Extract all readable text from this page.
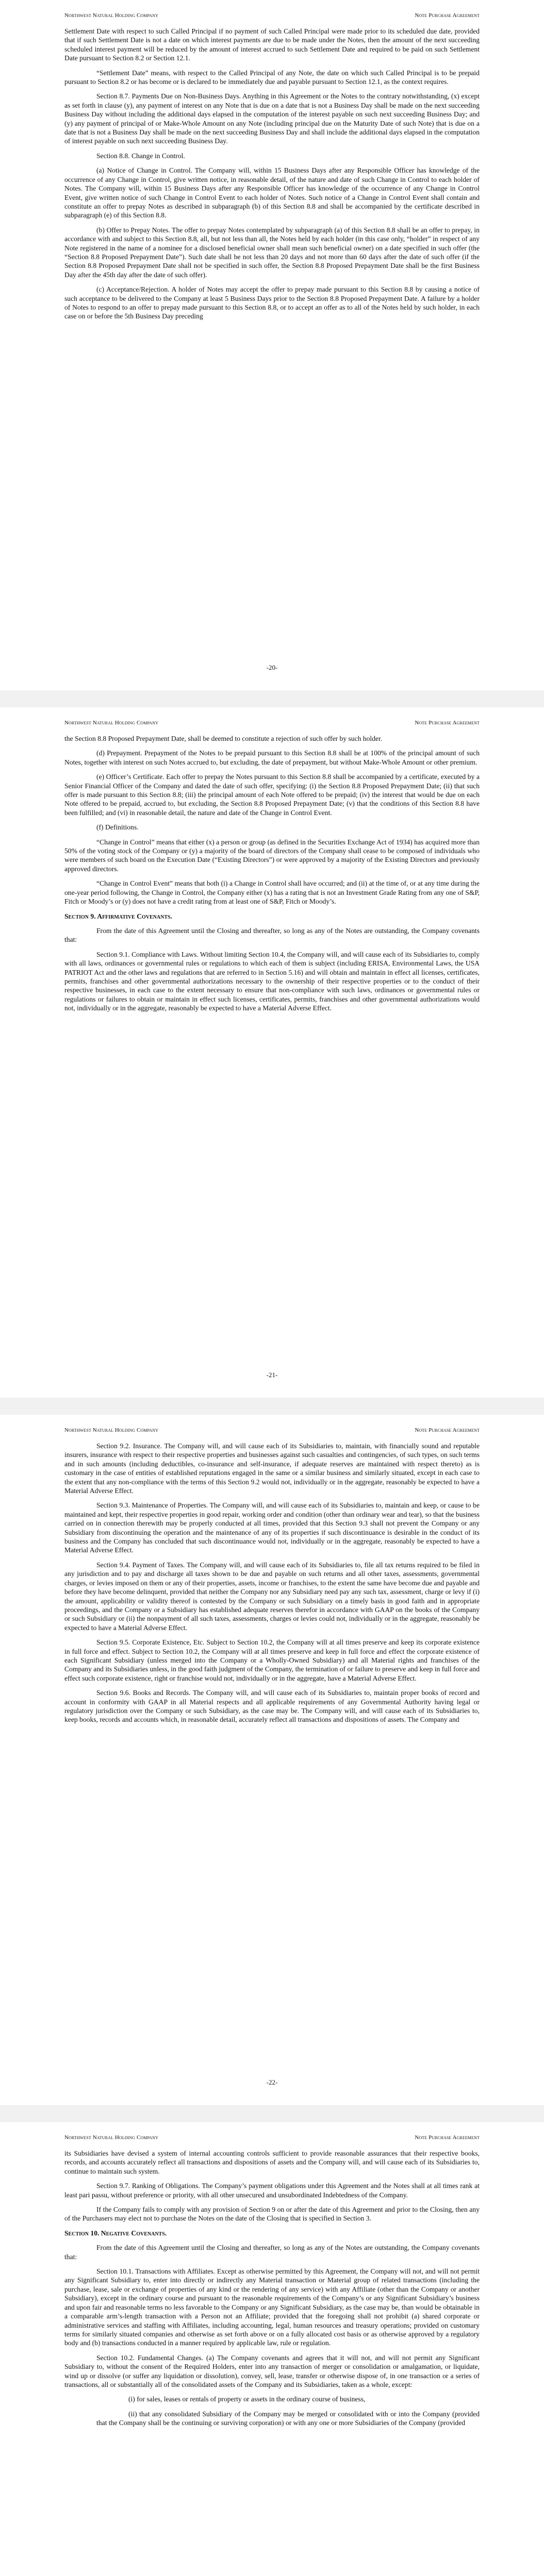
Northwest Natural Holding Company	Note Purchase Agreement

Settlement Date with respect to such Called Principal if no payment of such Called Principal were made prior to its scheduled due date, provided that if such Settlement Date is not a date on which interest payments are due to be made under the Notes, then the amount of the next succeeding scheduled interest payment will be reduced by the amount of interest accrued to such Settlement Date and required to be paid on such Settlement Date pursuant to Section 8.2 or Section 12.1.

“Settlement Date” means, with respect to the Called Principal of any Note, the date on which such Called Principal is to be prepaid pursuant to Section 8.2 or has become or is declared to be immediately due and payable pursuant to Section 12.1, as the context requires.

Section 8.7. Payments Due on Non-Business Days. Anything in this Agreement or the Notes to the contrary notwithstanding, (x) except as set forth in clause (y), any payment of interest on any Note that is due on a date that is not a Business Day shall be made on the next succeeding Business Day without including the additional days elapsed in the computation of the interest payable on such next succeeding Business Day; and (y) any payment of principal of or Make-Whole Amount on any Note (including principal due on the Maturity Date of such Note) that is due on a date that is not a Business Day shall be made on the next succeeding Business Day and shall include the additional days elapsed in the computation of interest payable on such next succeeding Business Day.

Section 8.8. Change in Control.

(a) Notice of Change in Control. The Company will, within 15 Business Days after any Responsible Officer has knowledge of the occurrence of any Change in Control, give written notice, in reasonable detail, of the nature and date of such Change in Control to each holder of Notes. The Company will, within 15 Business Days after any Responsible Officer has knowledge of the occurrence of any Change in Control Event, give written notice of such Change in Control Event to each holder of Notes. Such notice of a Change in Control Event shall contain and constitute an offer to prepay Notes as described in subparagraph (b) of this Section 8.8 and shall be accompanied by the certificate described in subparagraph (e) of this Section 8.8.

(b) Offer to Prepay Notes. The offer to prepay Notes contemplated by subparagraph (a) of this Section 8.8 shall be an offer to prepay, in accordance with and subject to this Section 8.8, all, but not less than all, the Notes held by each holder (in this case only, “holder” in respect of any Note registered in the name of a nominee for a disclosed beneficial owner shall mean such beneficial owner) on a date specified in such offer (the “Section 8.8 Proposed Prepayment Date”). Such date shall be not less than 20 days and not more than 60 days after the date of such offer (if the Section 8.8 Proposed Prepayment Date shall not be specified in such offer, the Section 8.8 Proposed Prepayment Date shall be the first Business Day after the 45th day after the date of such offer).

(c) Acceptance/Rejection. A holder of Notes may accept the offer to prepay made pursuant to this Section 8.8 by causing a notice of such acceptance to be delivered to the Company at least 5 Business Days prior to the Section 8.8 Proposed Prepayment Date. A failure by a holder of Notes to respond to an offer to prepay made pursuant to this Section 8.8, or to accept an offer as to all of the Notes held by such holder, in each case on or before the 5th Business Day preceding

-20-
Northwest Natural Holding Company	Note Purchase Agreement

the Section 8.8 Proposed Prepayment Date, shall be deemed to constitute a rejection of such offer by such holder.

(d) Prepayment. Prepayment of the Notes to be prepaid pursuant to this Section 8.8 shall be at 100% of the principal amount of such Notes, together with interest on such Notes accrued to, but excluding, the date of prepayment, but without Make-Whole Amount or other premium.

(e) Officer’s Certificate. Each offer to prepay the Notes pursuant to this Section 8.8 shall be accompanied by a certificate, executed by a Senior Financial Officer of the Company and dated the date of such offer, specifying: (i) the Section 8.8 Proposed Prepayment Date; (ii) that such offer is made pursuant to this Section 8.8; (iii) the principal amount of each Note offered to be prepaid; (iv) the interest that would be due on each Note offered to be prepaid, accrued to, but excluding, the Section 8.8 Proposed Prepayment Date; (v) that the conditions of this Section 8.8 have been fulfilled; and (vi) in reasonable detail, the nature and date of the Change in Control Event.

(f) Definitions.

“Change in Control” means that either (x) a person or group (as defined in the Securities Exchange Act of 1934) has acquired more than 50% of the voting stock of the Company or (y) a majority of the board of directors of the Company shall cease to be composed of individuals who were members of such board on the Execution Date (“Existing Directors”) or were approved by a majority of the Existing Directors and previously approved directors.

“Change in Control Event” means that both (i) a Change in Control shall have occurred; and (ii) at the time of, or at any time during the one-year period following, the Change in Control, the Company either (x) has a rating that is not an Investment Grade Rating from any one of S&P, Fitch or Moody’s or (y) does not have a credit rating from at least one of S&P, Fitch or Moody’s.

Section 9. Affirmative Covenants.

From the date of this Agreement until the Closing and thereafter, so long as any of the Notes are outstanding, the Company covenants that:

Section 9.1. Compliance with Laws. Without limiting Section 10.4, the Company will, and will cause each of its Subsidiaries to, comply with all laws, ordinances or governmental rules or regulations to which each of them is subject (including ERISA, Environmental Laws, the USA PATRIOT Act and the other laws and regulations that are referred to in Section 5.16) and will obtain and maintain in effect all licenses, certificates, permits, franchises and other governmental authorizations necessary to the ownership of their respective properties or to the conduct of their respective businesses, in each case to the extent necessary to ensure that non-compliance with such laws, ordinances or governmental rules or regulations or failures to obtain or maintain in effect such licenses, certificates, permits, franchises and other governmental authorizations would not, individually or in the aggregate, reasonably be expected to have a Material Adverse Effect.

-21-
Northwest Natural Holding Company	Note Purchase Agreement

Section 9.2. Insurance. The Company will, and will cause each of its Subsidiaries to, maintain, with financially sound and reputable insurers, insurance with respect to their respective properties and businesses against such casualties and contingencies, of such types, on such terms and in such amounts (including deductibles, co-insurance and self-insurance, if adequate reserves are maintained with respect thereto) as is customary in the case of entities of established reputations engaged in the same or a similar business and similarly situated, except in each case to the extent that any non-compliance with the terms of this Section 9.2 would not, individually or in the aggregate, reasonably be expected to have a Material Adverse Effect.

Section 9.3. Maintenance of Properties. The Company will, and will cause each of its Subsidiaries to, maintain and keep, or cause to be maintained and kept, their respective properties in good repair, working order and condition (other than ordinary wear and tear), so that the business carried on in connection therewith may be properly conducted at all times, provided that this Section 9.3 shall not prevent the Company or any Subsidiary from discontinuing the operation and the maintenance of any of its properties if such discontinuance is desirable in the conduct of its business and the Company has concluded that such discontinuance would not, individually or in the aggregate, reasonably be expected to have a Material Adverse Effect.

Section 9.4. Payment of Taxes. The Company will, and will cause each of its Subsidiaries to, file all tax returns required to be filed in any jurisdiction and to pay and discharge all taxes shown to be due and payable on such returns and all other taxes, assessments, governmental charges, or levies imposed on them or any of their properties, assets, income or franchises, to the extent the same have become due and payable and before they have become delinquent, provided that neither the Company nor any Subsidiary need pay any such tax, assessment, charge or levy if (i) the amount, applicability or validity thereof is contested by the Company or such Subsidiary on a timely basis in good faith and in appropriate proceedings, and the Company or a Subsidiary has established adequate reserves therefor in accordance with GAAP on the books of the Company or such Subsidiary or (ii) the nonpayment of all such taxes, assessments, charges or levies could not, individually or in the aggregate, reasonably be expected to have a Material Adverse Effect.

Section 9.5. Corporate Existence, Etc. Subject to Section 10.2, the Company will at all times preserve and keep its corporate existence in full force and effect. Subject to Section 10.2, the Company will at all times preserve and keep in full force and effect the corporate existence of each Significant Subsidiary (unless merged into the Company or a Wholly-Owned Subsidiary) and all Material rights and franchises of the Company and its Subsidiaries unless, in the good faith judgment of the Company, the termination of or failure to preserve and keep in full force and effect such corporate existence, right or franchise would not, individually or in the aggregate, have a Material Adverse Effect.

Section 9.6. Books and Records. The Company will, and will cause each of its Subsidiaries to, maintain proper books of record and account in conformity with GAAP in all Material respects and all applicable requirements of any Governmental Authority having legal or regulatory jurisdiction over the Company or such Subsidiary, as the case may be. The Company will, and will cause each of its Subsidiaries to, keep books, records and accounts which, in reasonable detail, accurately reflect all transactions and dispositions of assets. The Company and

-22-
Northwest Natural Holding Company	Note Purchase Agreement

its Subsidiaries have devised a system of internal accounting controls sufficient to provide reasonable assurances that their respective books, records, and accounts accurately reflect all transactions and dispositions of assets and the Company will, and will cause each of its Subsidiaries to, continue to maintain such system.

Section 9.7. Ranking of Obligations. The Company’s payment obligations under this Agreement and the Notes shall at all times rank at least pari passu, without preference or priority, with all other unsecured and unsubordinated Indebtedness of the Company.

If the Company fails to comply with any provision of Section 9 on or after the date of this Agreement and prior to the Closing, then any of the Purchasers may elect not to purchase the Notes on the date of the Closing that is specified in Section 3.

Section 10. Negative Covenants.

From the date of this Agreement until the Closing and thereafter, so long as any of the Notes are outstanding, the Company covenants that:

Section 10.1. Transactions with Affiliates. Except as otherwise permitted by this Agreement, the Company will not, and will not permit any Significant Subsidiary to, enter into directly or indirectly any Material transaction or Material group of related transactions (including the purchase, lease, sale or exchange of properties of any kind or the rendering of any service) with any Affiliate (other than the Company or another Subsidiary), except in the ordinary course and pursuant to the reasonable requirements of the Company’s or any Significant Subsidiary’s business and upon fair and reasonable terms no less favorable to the Company or any Significant Subsidiary, as the case may be, than would be obtainable in a comparable arm’s-length transaction with a Person not an Affiliate; provided that the foregoing shall not prohibit (a) shared corporate or administrative services and staffing with Affiliates, including accounting, legal, human resources and treasury operations; provided on customary terms for similarly situated companies and otherwise as set forth above or on a fully allocated cost basis or as otherwise approved by a regulatory body and (b) transactions conducted in a manner required by applicable law, rule or regulation.

Section 10.2. Fundamental Changes. (a) The Company covenants and agrees that it will not, and will not permit any Significant Subsidiary to, without the consent of the Required Holders, enter into any transaction of merger or consolidation or amalgamation, or liquidate, wind up or dissolve (or suffer any liquidation or dissolution), convey, sell, lease, transfer or otherwise dispose of, in one transaction or a series of transactions, all or substantially all of the consolidated assets of the Company and its Subsidiaries, taken as a whole, except:

(i) for sales, leases or rentals of property or assets in the ordinary course of business,

(ii) that any consolidated Subsidiary of the Company may be merged or consolidated with or into the Company (provided that the Company shall be the continuing or surviving corporation) or with any one or more Subsidiaries of the Company (provided
